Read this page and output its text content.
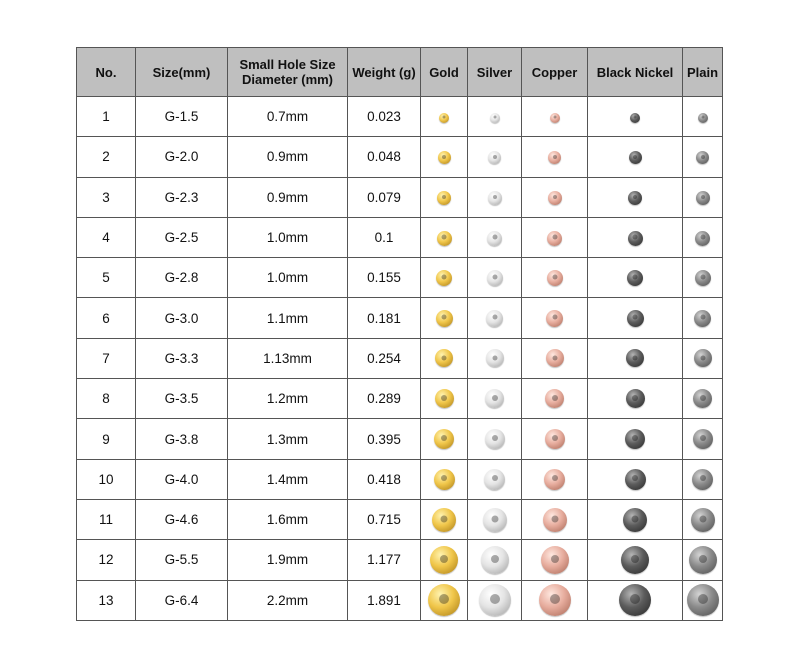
No.	Size(mm)	Small Hole Size
Diameter (mm)	Weight (g)	Gold	Silver	Copper	Black Nickel	Plain
1	G-1.5	0.7mm	0.023	

2	G-2.0	0.9mm	0.048	

3	G-2.3	0.9mm	0.079	

4	G-2.5	1.0mm	0.1	

5	G-2.8	1.0mm	0.155	

6	G-3.0	1.1mm	0.181	

7	G-3.3	1.13mm	0.254	

8	G-3.5	1.2mm	0.289	

9	G-3.8	1.3mm	0.395	

10	G-4.0	1.4mm	0.418	

11	G-4.6	1.6mm	0.715	

12	G-5.5	1.9mm	1.177	

13	G-6.4	2.2mm	1.891	
